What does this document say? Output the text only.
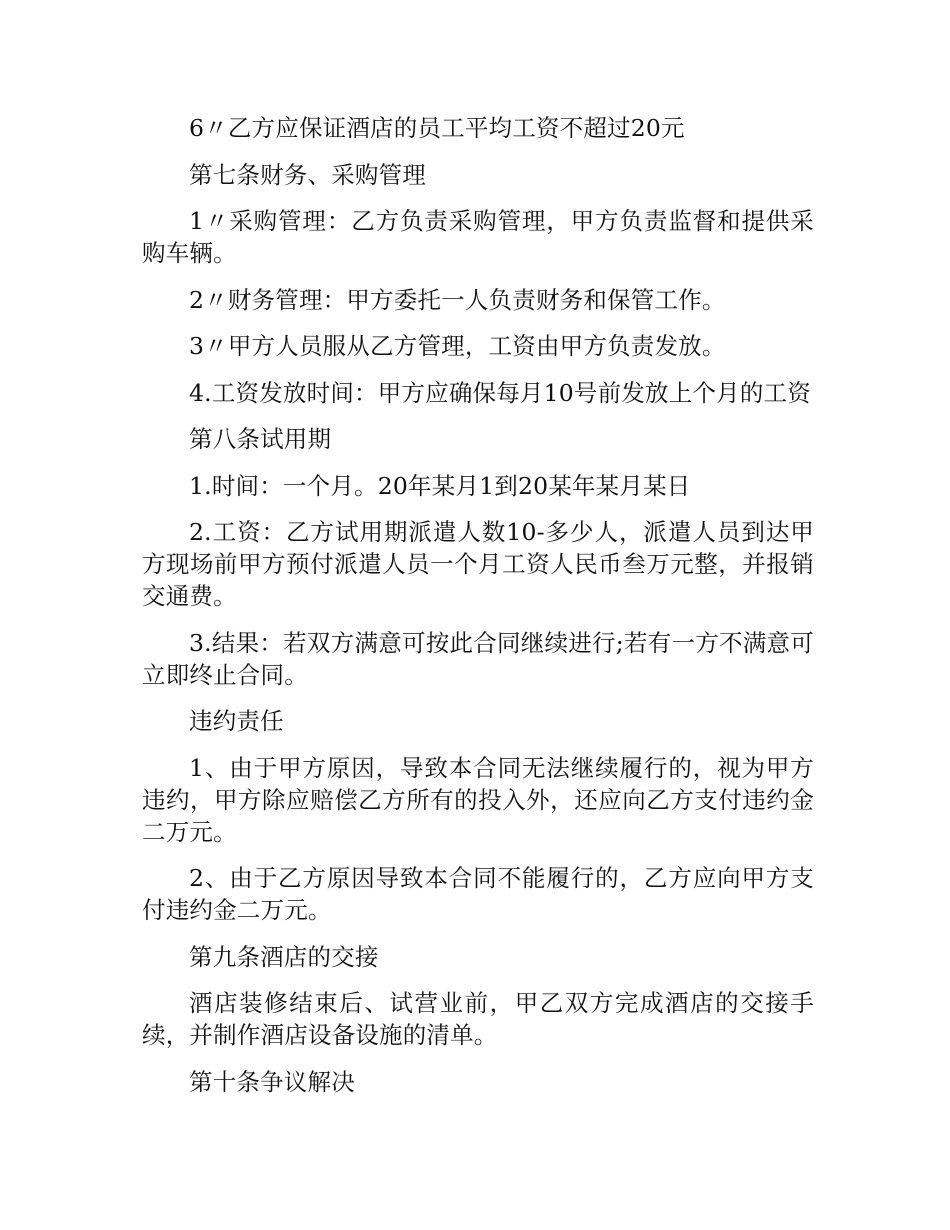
6〃乙方应保证酒店的员工平均工资不超过20元

第七条财务、采购管理

1〃采购管理：乙方负责采购管理，甲方负责监督和提供采购车辆。

2〃财务管理：甲方委托一人负责财务和保管工作。

3〃甲方人员服从乙方管理，工资由甲方负责发放。

4.工资发放时间：甲方应确保每月10号前发放上个月的工资

第八条试用期

1.时间：一个月。20年某月1到20某年某月某日

2.工资：乙方试用期派遣人数10-多少人，派遣人员到达甲方现场前甲方预付派遣人员一个月工资人民币叁万元整，并报销交通费。

3.结果：若双方满意可按此合同继续进行;若有一方不满意可立即终止合同。

违约责任

1、由于甲方原因，导致本合同无法继续履行的，视为甲方违约，甲方除应赔偿乙方所有的投入外，还应向乙方支付违约金二万元。

2、由于乙方原因导致本合同不能履行的，乙方应向甲方支付违约金二万元。

第九条酒店的交接

酒店装修结束后、试营业前，甲乙双方完成酒店的交接手续，并制作酒店设备设施的清单。

第十条争议解决
